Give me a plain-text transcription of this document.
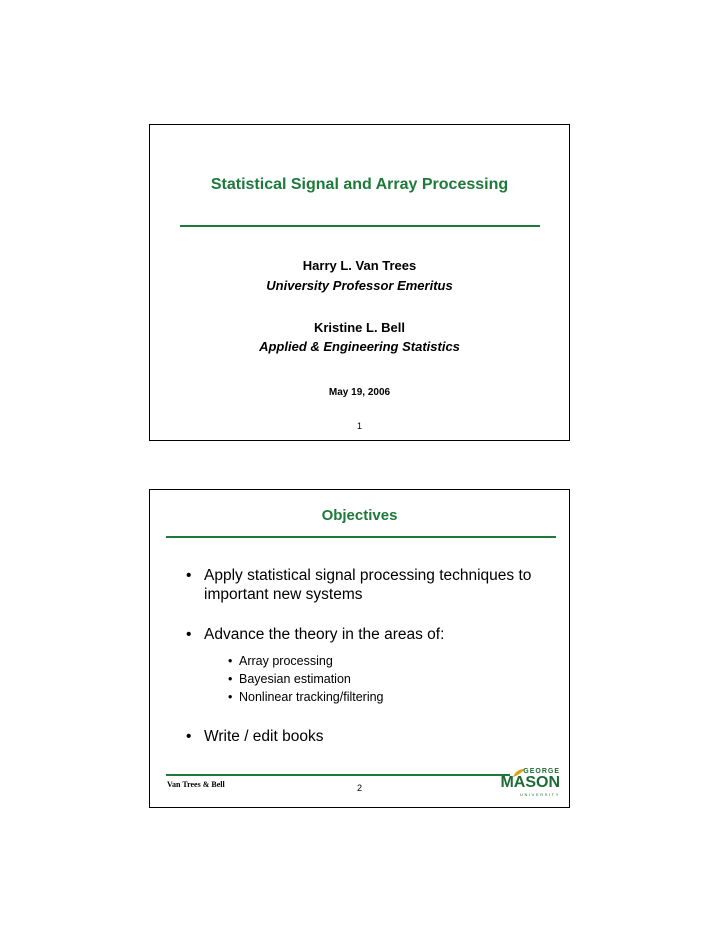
Statistical Signal and Array Processing
Harry L. Van Trees
University Professor Emeritus
Kristine L. Bell
Applied & Engineering Statistics
May 19, 2006
1
Objectives
• Apply statistical signal processing techniques to important new systems
• Advance the theory in the areas of:
• Array processing
• Bayesian estimation
• Nonlinear tracking/filtering
• Write / edit books
Van Trees & Bell	2
GEORGE
MASON
UNIVERSITY
